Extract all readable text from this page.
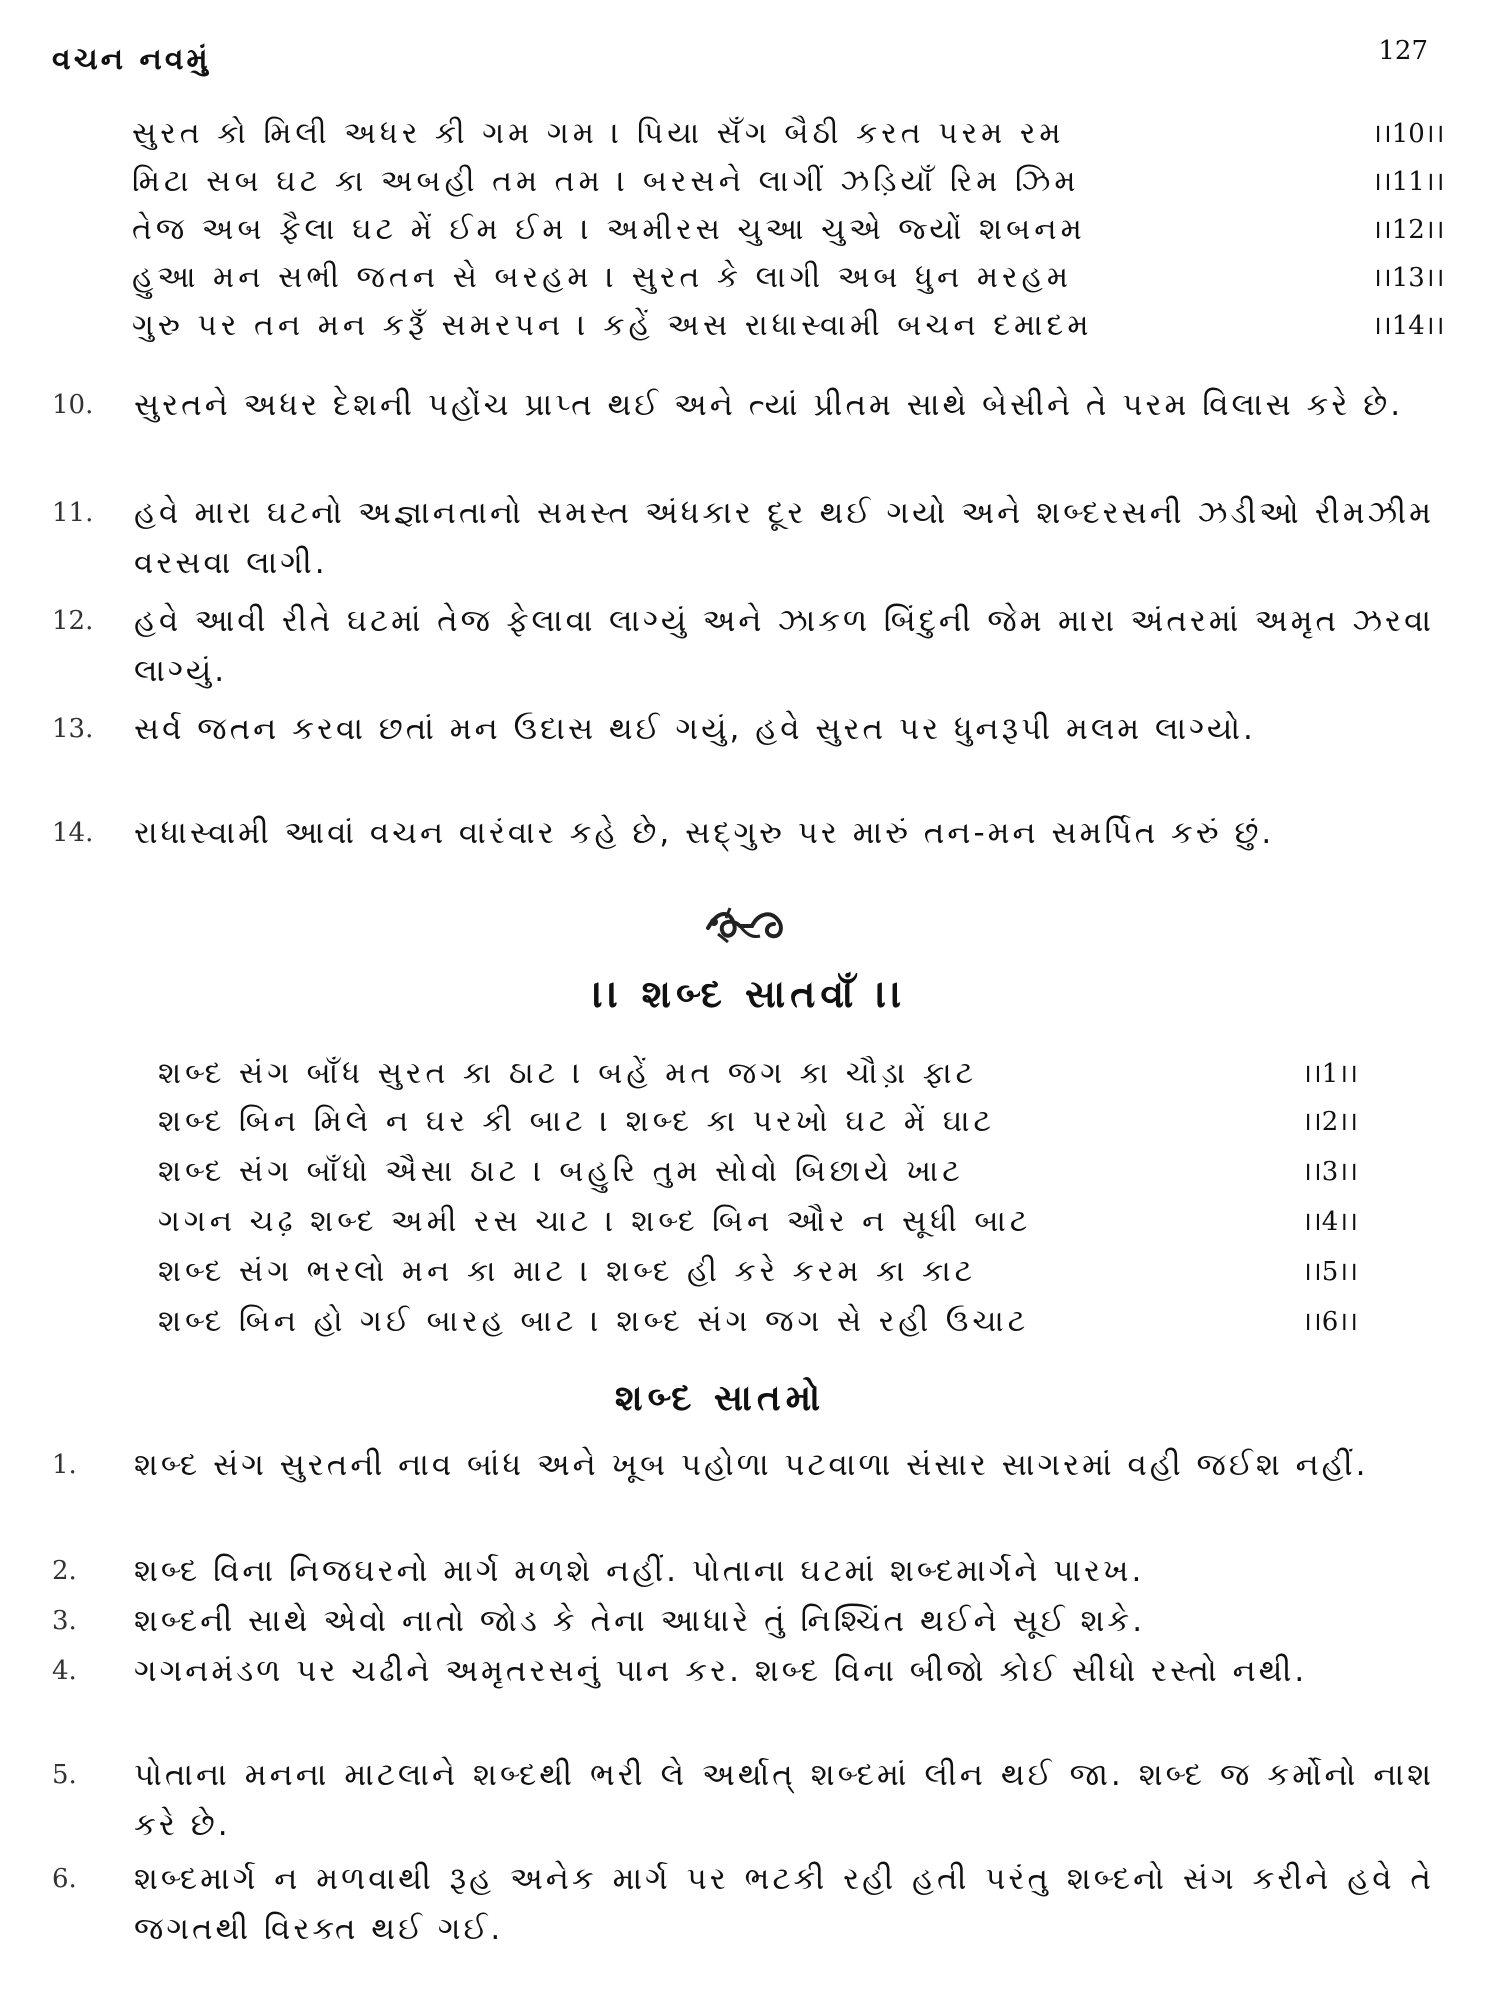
વચન નવમું	127
સુરત કો મિલી અધર કી ગમ ગમ । પિયા સઁગ બૈઠી કરત પરમ રમ	।।10।।
મિટા સબ ઘટ કા અબહી તમ તમ । બરસને લાગીં ઝડ઼િયાઁ રિમ ઝિમ	।।11।।
તેજ અબ ફૈલા ઘટ મેં ઈમ ઈમ । અમીરસ ચુઆ ચુએ જ્યોં શબનમ	।।12।।
હુઆ મન સભી જતન સે બરહમ । સુરત કે લાગી અબ ધુન મરહમ	।।13।।
ગુરુ પર તન મન કરૂઁ સમરપન । કહેં અસ રાધાસ્વામી બચન દમાદમ	।।14।।
10. સુરતને અધર દેશની પહોંચ પ્રાપ્ત થઈ અને ત્યાં પ્રીતમ સાથે બેસીને તે પરમ વિલાસ કરે છે.
11. હવે મારા ઘટનો અજ્ઞાનતાનો સમસ્ત અંધકાર દૂર થઈ ગયો અને શબ્દરસની ઝડીઓ રીમઝીમ વરસવા લાગી.
12. હવે આવી રીતે ઘટમાં તેજ ફેલાવા લાગ્યું અને ઝાકળ બિંદુની જેમ મારા અંતરમાં અમૃત ઝરવા લાગ્યું.
13. સર્વ જતન કરવા છતાં મન ઉદાસ થઈ ગયું, હવે સુરત પર ધુનરૂપી મલમ લાગ્યો.
14. રાધાસ્વામી આવાં વચન વારંવાર કહે છે, સદ્ગુરુ પર મારું તન-મન સમર્પિત કરું છું.
।। શબ્દ સાતવાઁ ।।
શબ્દ સંગ બાઁધ સુરત કા ઠાટ । બહેં મત જગ કા ચૌડ઼ા ફાટ	।।1।।
શબ્દ બિન મિલે ન ઘર કી બાટ । શબ્દ કા પરખો ઘટ મેં ઘાટ	।।2।।
શબ્દ સંગ બાઁધો ઐસા ઠાટ । બહુરિ તુમ સોવો બિછાયે ખાટ	।।3।।
ગગન ચઢ઼ શબ્દ અમી રસ ચાટ । શબ્દ બિન ઔર ન સૂધી બાટ	।।4।।
શબ્દ સંગ ભરલો મન કા માટ । શબ્દ હી કરે કરમ કા કાટ	।।5।।
શબ્દ બિન હો ગઈ બારહ બાટ । શબ્દ સંગ જગ સે રહી ઉચાટ	।।6।।
શબ્દ સાતમો
1. શબ્દ સંગ સુરતની નાવ બાંધ અને ખૂબ પહોળા પટવાળા સંસાર સાગરમાં વહી જઈશ નહીં.
2. શબ્દ વિના નિજઘરનો માર્ગ મળશે નહીં. પોતાના ઘટમાં શબ્દમાર્ગને પારખ.
3. શબ્દની સાથે એવો નાતો જોડ કે તેના આધારે તું નિશ્ચિંત થઈને સૂઈ શકે.
4. ગગનમંડળ પર ચઢીને અમૃતરસનું પાન કર. શબ્દ વિના બીજો કોઈ સીધો રસ્તો નથી.
5. પોતાના મનના માટલાને શબ્દથી ભરી લે અર્થાત્ શબ્દમાં લીન થઈ જા. શબ્દ જ કર્મોનો નાશ કરે છે.
6. શબ્દમાર્ગ ન મળવાથી રૂહ અનેક માર્ગ પર ભટકી રહી હતી પરંતુ શબ્દનો સંગ કરીને હવે તે જગતથી વિરક્ત થઈ ગઈ.
